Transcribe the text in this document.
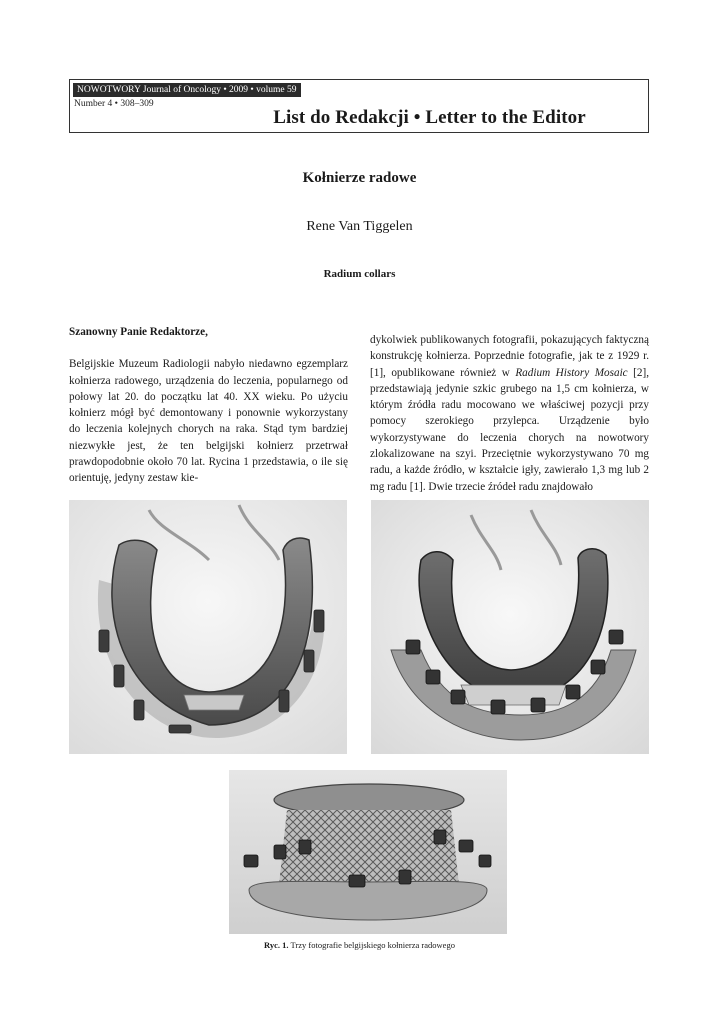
NOWOTWORY Journal of Oncology • 2009 • volume 59
Number 4 • 308–309
List do Redakcji • Letter to the Editor
Kołnierze radowe
Rene Van Tiggelen
Radium collars

Szanowny Panie Redaktorze,

Belgijskie Muzeum Radiologii nabyło niedawno egzemplarz kołnierza radowego, urządzenia do leczenia, popularnego od połowy lat 20. do początku lat 40. XX wieku. Po użyciu kołnierz mógł być demontowany i ponownie wykorzystany do leczenia kolejnych chorych na raka. Stąd tym bardziej niezwykłe jest, że ten belgijski kołnierz przetrwał prawdopodobnie około 70 lat. Rycina 1 przedstawia, o ile się orientuję, jedyny zestaw kie-

dykolwiek publikowanych fotografii, pokazujących faktyczną konstrukcję kołnierza. Poprzednie fotografie, jak te z 1929 r. [1], opublikowane również w Radium History Mosaic [2], przedstawiają jedynie szkic grubego na 1,5 cm kołnierza, w którym źródła radu mocowano we właściwej pozycji przy pomocy szerokiego przylepca. Urządzenie było wykorzystywane do leczenia chorych na nowotwory zlokalizowane na szyi. Przeciętnie wykorzystywano 70 mg radu, a każde źródło, w kształcie igły, zawierało 1,3 mg lub 2 mg radu [1]. Dwie trzecie źródeł radu znajdowało

Ryc. 1. Trzy fotografie belgijskiego kołnierza radowego
